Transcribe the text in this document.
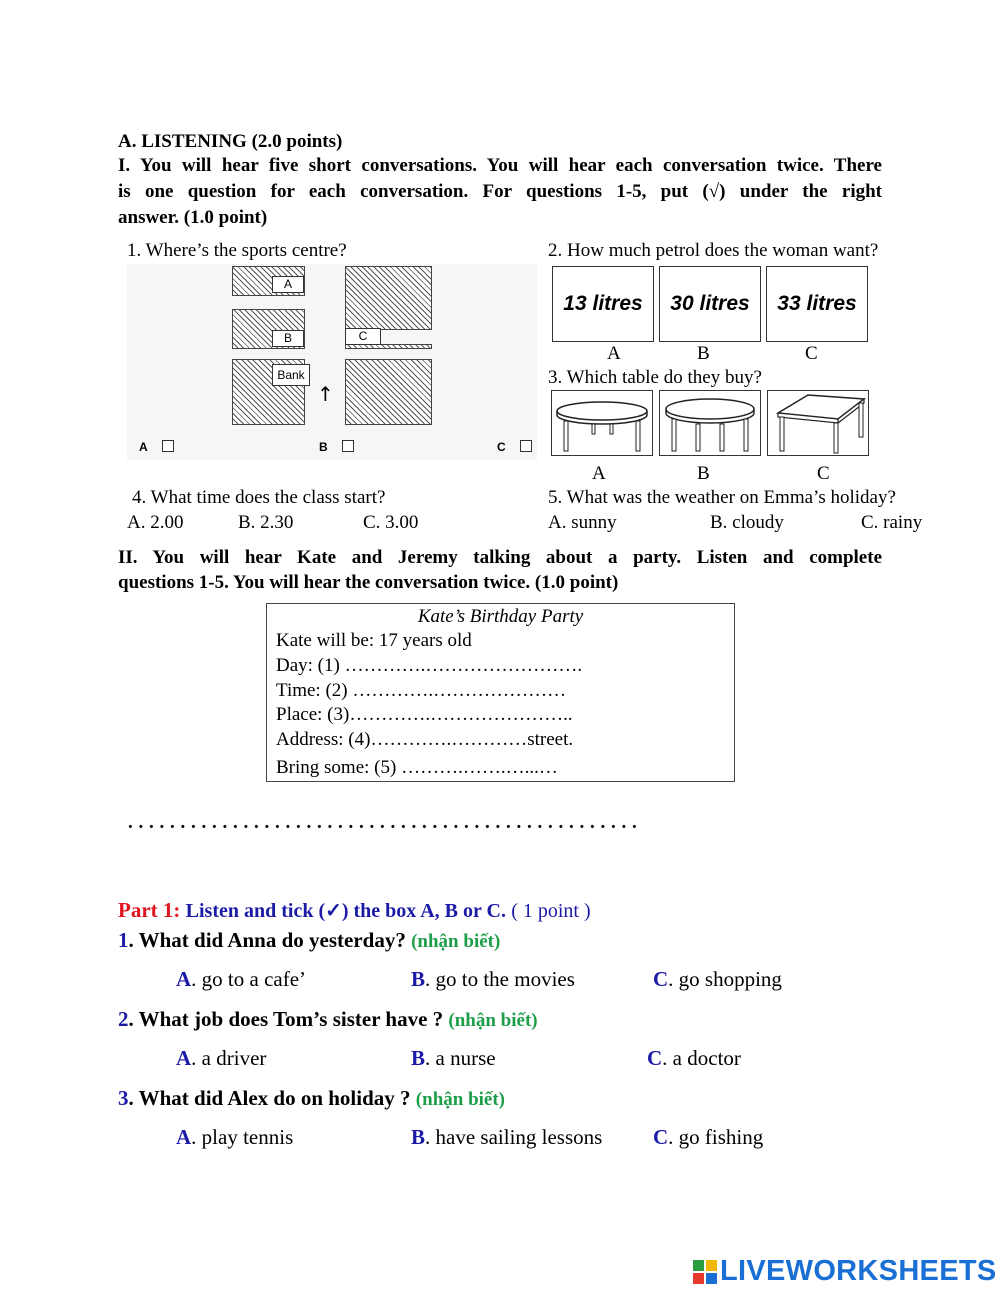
A. LISTENING (2.0 points)
I. You will hear five short conversations. You will hear each conversation twice. There
is one question for each conversation. For questions 1-5, put (√) under the right
answer. (1.0 point)
1. Where’s the sports centre?
A
B	C
Bank
↑
A	B	C
2. How much petrol does the woman want?
13 litres	30 litres	33 litres
A	B	C
3. Which table do they buy?
A	B	C
4. What time does the class start?
A. 2.00	B. 2.30	C. 3.00
5. What was the weather on Emma’s holiday?
A. sunny	B. cloudy	C. rainy
II. You will hear Kate and Jeremy talking about a party. Listen and complete
questions 1-5. You will hear the conversation twice. (1.0 point)
Kate’s Birthday Party
Kate will be: 17 years old
Day: (1) ………….…………………….
Time: (2) ………….…………………
Place: (3)………….…………………..
Address: (4)………….…………street.
Bring some: (5) ……….…….…...…
. . . . . . . . . . . . . . . . . . . . . . . . . . . . . . . . . . . . . . . . . . . . . . . . .
Part 1: Listen and tick (✓) the box A, B or C. ( 1 point )
1. What did Anna do yesterday? (nhận biết)
A. go to a cafe’	B. go to the movies	C. go shopping
2. What job does Tom’s sister have ? (nhận biết)
A. a driver	B. a nurse	C. a doctor
3. What did Alex do on holiday ? (nhận biết)
A. play tennis	B. have sailing lessons C. go fishing
LIVEWORKSHEETS
